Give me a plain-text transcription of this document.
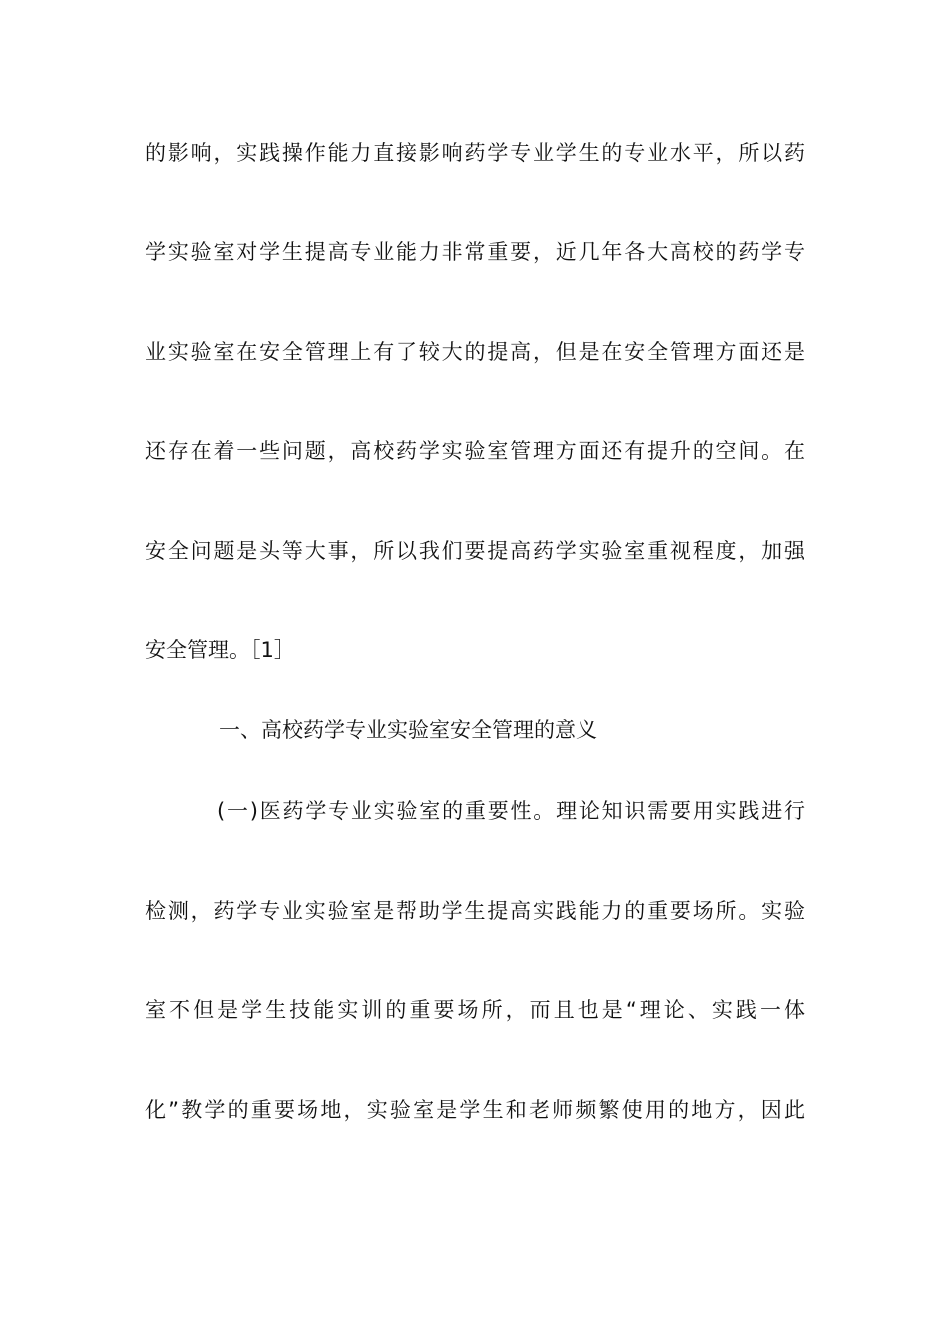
的影响，实践操作能力直接影响药学专业学生的专业水平，所以药
学实验室对学生提高专业能力非常重要，近几年各大高校的药学专
业实验室在安全管理上有了较大的提高，但是在安全管理方面还是
还存在着一些问题，高校药学实验室管理方面还有提升的空间。在
安全问题是头等大事，所以我们要提高药学实验室重视程度，加强
安全管理。［1］
一、高校药学专业实验室安全管理的意义
(一)医药学专业实验室的重要性。理论知识需要用实践进行
检测，药学专业实验室是帮助学生提高实践能力的重要场所。实验
室不但是学生技能实训的重要场所，而且也是“理论、实践一体
化”教学的重要场地，实验室是学生和老师频繁使用的地方，因此
